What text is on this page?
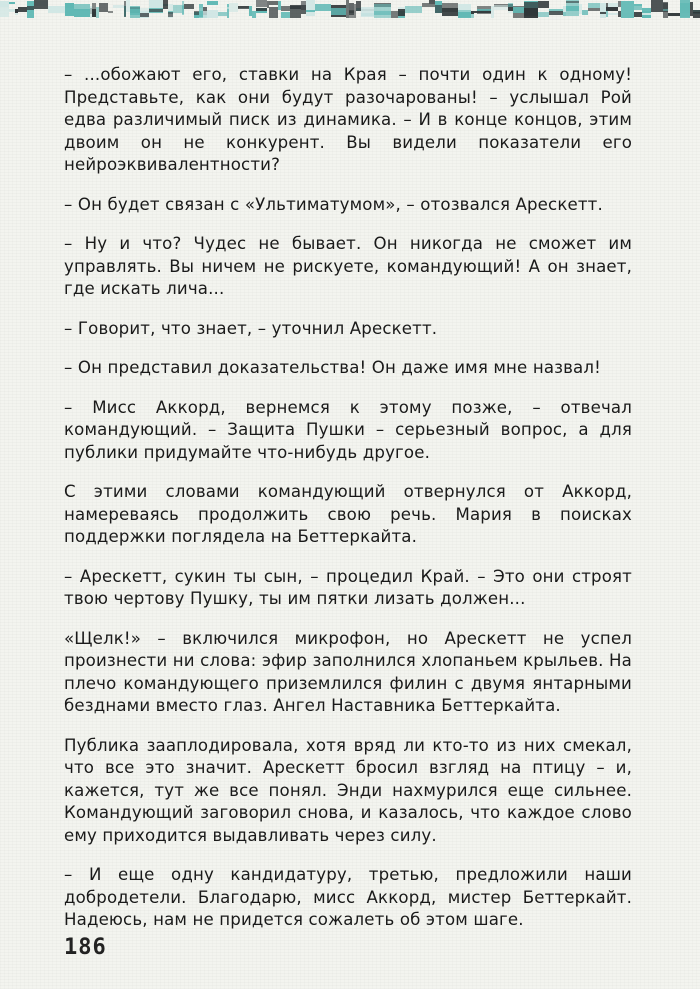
– ...обожают его, ставки на Края – почти один к одному! Представьте, как они будут разочарованы! – услышал Рой едва различимый писк из динамика. – И в конце концов, этим двоим он не конкурент. Вы видели показатели его нейроэквивалентности?

– Он будет связан с «Ультиматумом», – отозвался Арескетт.

– Ну и что? Чудес не бывает. Он никогда не сможет им управлять. Вы ничем не рискуете, командующий! А он знает, где искать лича...

– Говорит, что знает, – уточнил Арескетт.

– Он представил доказательства! Он даже имя мне назвал!

– Мисс Аккорд, вернемся к этому позже, – отвечал командующий. – Защита Пушки – серьезный вопрос, а для публики придумайте что-нибудь другое.

С этими словами командующий отвернулся от Аккорд, намереваясь продолжить свою речь. Мария в поисках поддержки поглядела на Беттеркайта.

– Арескетт, сукин ты сын, – процедил Край. – Это они строят твою чертову Пушку, ты им пятки лизать должен...

«Щелк!» – включился микрофон, но Арескетт не успел произнести ни слова: эфир заполнился хлопаньем крыльев. На плечо командующего приземлился филин с двумя янтарными безднами вместо глаз. Ангел Наставника Беттеркайта.

Публика зааплодировала, хотя вряд ли кто-то из них смекал, что все это значит. Арескетт бросил взгляд на птицу – и, кажется, тут же все понял. Энди нахмурился еще сильнее. Командующий заговорил снова, и казалось, что каждое слово ему приходится выдавливать через силу.

– И еще одну кандидатуру, третью, предложили наши добродетели. Благодарю, мисс Аккорд, мистер Беттеркайт. Надеюсь, нам не придется сожалеть об этом шаге.

186
